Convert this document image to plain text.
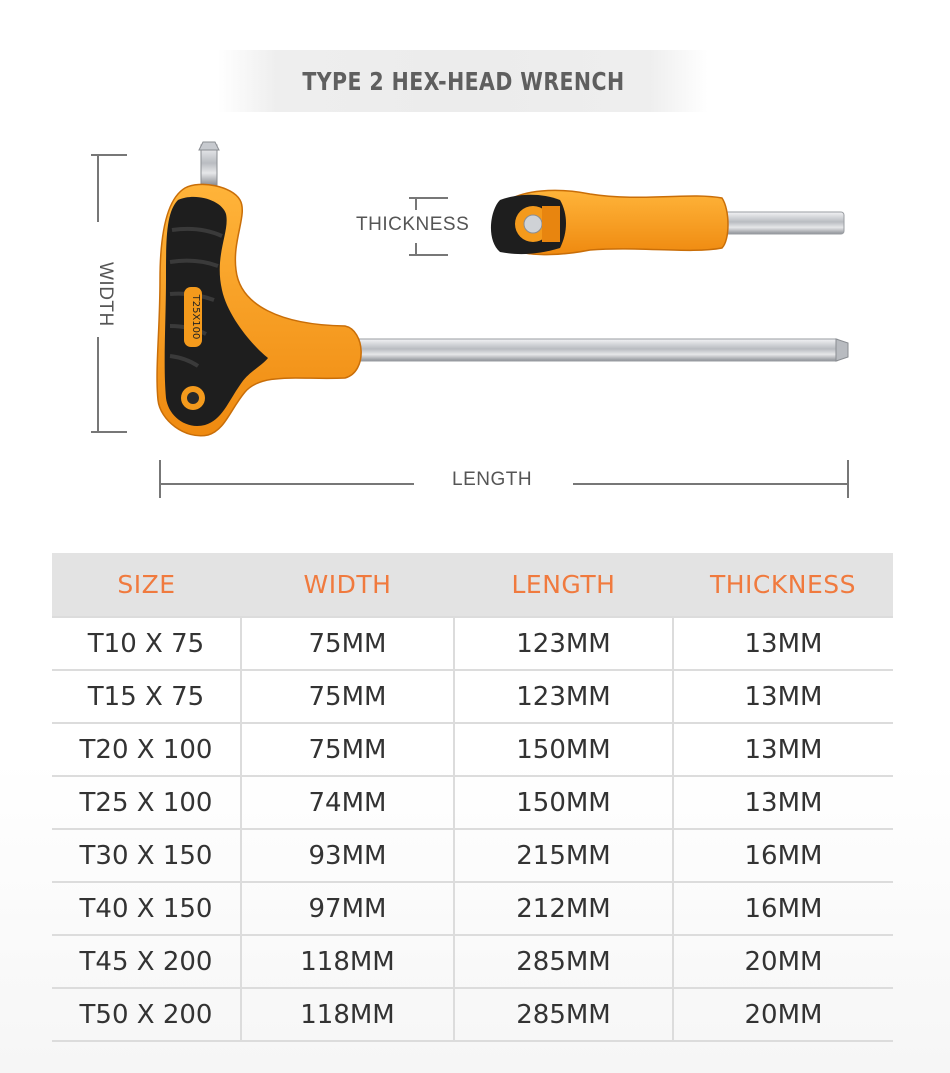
TYPE 2 HEX-HEAD WRENCH
T25X100
WIDTH
THICKNESS
LENGTH
SIZE	WIDTH	LENGTH	THICKNESS
T10 X 75	75MM	123MM	13MM
T15 X 75	75MM	123MM	13MM
T20 X 100	75MM	150MM	13MM
T25 X 100	74MM	150MM	13MM
T30 X 150	93MM	215MM	16MM
T40 X 150	97MM	212MM	16MM
T45 X 200	118MM	285MM	20MM
T50 X 200	118MM	285MM	20MM
